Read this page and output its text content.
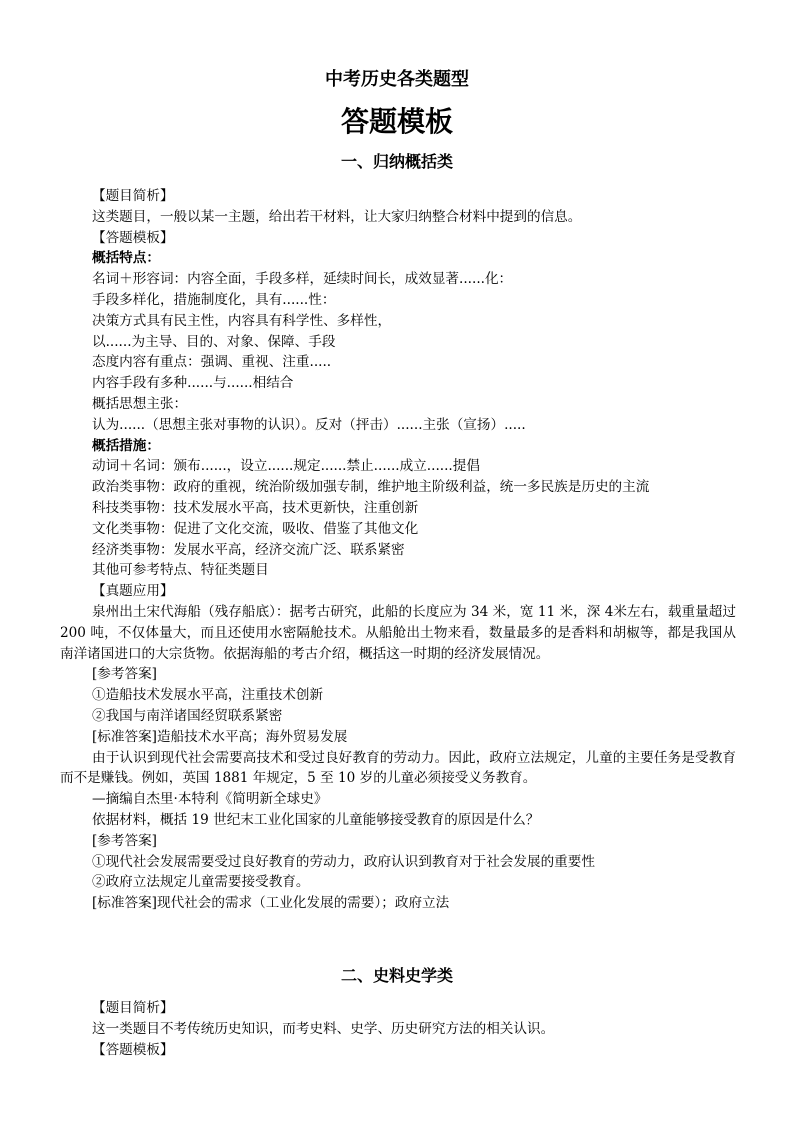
中考历史各类题型
答题模板
一、归纳概括类
【题目简析】
这类题目，一般以某一主题，给出若干材料，让大家归纳整合材料中提到的信息。
【答题模板】
概括特点：
名词＋形容词：内容全面，手段多样，延续时间长，成效显著......化：
手段多样化，措施制度化，具有......性：
决策方式具有民主性，内容具有科学性、多样性，
以......为主导、目的、对象、保障、手段
态度内容有重点：强调、重视、注重.....
内容手段有多种......与......相结合
概括思想主张：
认为......（思想主张对事物的认识）。反对（抨击）......主张（宣扬）.....
概括措施：
动词＋名词：颁布......，设立......规定......禁止......成立......提倡
政治类事物：政府的重视，统治阶级加强专制，维护地主阶级利益，统一多民族是历史的主流
科技类事物：技术发展水平高，技术更新快，注重创新
文化类事物：促进了文化交流，吸收、借鉴了其他文化
经济类事物：发展水平高，经济交流广泛、联系紧密
其他可参考特点、特征类题目
【真题应用】
泉州出土宋代海船（残存船底）：据考古研究，此船的长度应为 34 米，宽 11 米，深 4米左右，载重量超过 200 吨，不仅体量大，而且还使用水密隔舱技术。从船舱出土物来看，数量最多的是香料和胡椒等，都是我国从南洋诸国进口的大宗货物。依据海船的考古介绍，概括这一时期的经济发展情况。
[参考答案]
①造船技术发展水平高，注重技术创新
②我国与南洋诸国经贸联系紧密
[标准答案]造船技术水平高；海外贸易发展
由于认识到现代社会需要高技术和受过良好教育的劳动力。因此，政府立法规定，儿童的主要任务是受教育而不是赚钱。例如，英国 1881 年规定，5 至 10 岁的儿童必须接受义务教育。
—摘编自杰里·本特利《简明新全球史》
依据材料，概括 19 世纪末工业化国家的儿童能够接受教育的原因是什么？
[参考答案]
①现代社会发展需要受过良好教育的劳动力，政府认识到教育对于社会发展的重要性
②政府立法规定儿童需要接受教育。
[标准答案]现代社会的需求（工业化发展的需要）；政府立法
二、史料史学类
【题目简析】
这一类题目不考传统历史知识，而考史料、史学、历史研究方法的相关认识。
【答题模板】
